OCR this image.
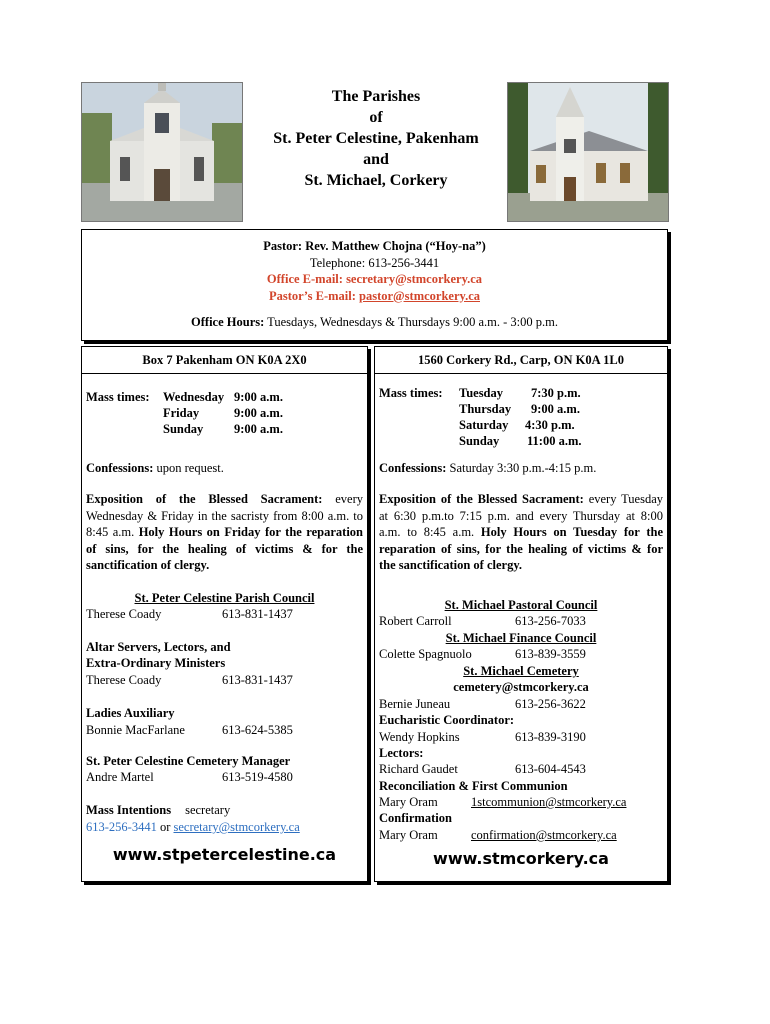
The Parishes
of
St. Peter Celestine, Pakenham
and
St. Michael, Corkery
Pastor: Rev. Matthew Chojna (“Hoy-na”)
Telephone: 613-256-3441
Office E-mail: secretary@stmcorkery.ca
Pastor’s E-mail: pastor@stmcorkery.ca
Office Hours: Tuesdays, Wednesdays & Thursdays 9:00 a.m. - 3:00 p.m.
Box 7 Pakenham ON K0A 2X0
Mass times: Wednesday 9:00 a.m.
Friday	9:00 a.m.
Sunday 9:00 a.m.
Confessions: upon request.
Exposition of the Blessed Sacrament: every Wednesday & Friday in the sacristy from 8:00 a.m. to 8:45 a.m. Holy Hours on Friday for the reparation of sins, for the healing of victims & for the sanctification of clergy.
St. Peter Celestine Parish Council
Therese Coady	613-831-1437
Altar Servers, Lectors, and
Extra-Ordinary Ministers
Therese Coady	613-831-1437
Ladies Auxiliary
Bonnie MacFarlane	613-624-5385
St. Peter Celestine Cemetery Manager
Andre Martel	613-519-4580
Mass Intentions secretary
613-256-3441 or secretary@stmcorkery.ca
www.stpetercelestine.ca
1560 Corkery Rd., Carp, ON K0A 1L0
Mass times: Tuesday 7:30 p.m.
Thursday 9:00 a.m.
Saturday 4:30 p.m.
Sunday 11:00 a.m.
Confessions: Saturday 3:30 p.m.-4:15 p.m.
Exposition of the Blessed Sacrament: every Tuesday at 6:30 p.m.to 7:15 p.m. and every Thursday at 8:00 a.m. to 8:45 a.m. Holy Hours on Tuesday for the reparation of sins, for the healing of victims & for the sanctification of clergy.
St. Michael Pastoral Council
Robert Carroll	613-256-7033
St. Michael Finance Council
Colette Spagnuolo	613-839-3559
St. Michael Cemetery
cemetery@stmcorkery.ca
Bernie Juneau	613-256-3622
Eucharistic Coordinator:
Wendy Hopkins	613-839-3190
Lectors:
Richard Gaudet	613-604-4543
Reconciliation & First Communion
Mary Oram	1stcommunion@stmcorkery.ca
Confirmation
Mary Oram	confirmation@stmcorkery.ca
www.stmcorkery.ca
